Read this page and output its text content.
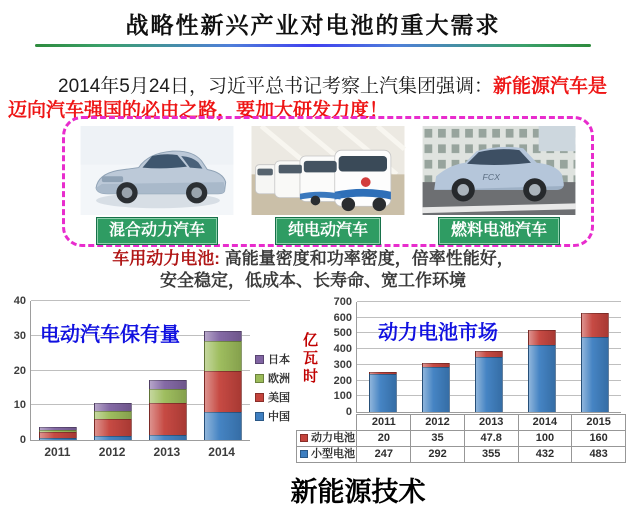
战略性新兴产业对电池的重大需求

2014年5月24日，习近平总书记考察上汽集团强调：新能源汽车是迈向汽车强国的必由之路，要加大研发力度！

混合动力汽车	纯电动汽车
FCX
燃料电池汽车
车用动力电池: 高能量密度和功率密度，倍率性能好，
安全稳定，低成本、长寿命、宽工作环境
电动汽车保有量
日本
欧洲
美国
中国
0
10
20
30
40
2011	2012	2013	2014
亿瓦时	动力电池市场
	2011	2012	2013	2014	2015
动力电池	20	35	47.8	100	160
小型电池	247	292	355	432	483
0
100
200
300
400
500
600
700
新能源技术
